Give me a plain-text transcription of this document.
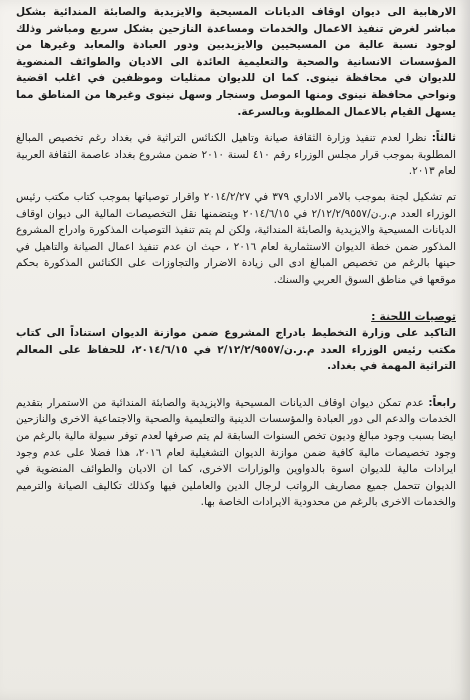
الارهابية الى ديوان اوقاف الديانات المسيحية والايزيدية والصابئة المندائية بشكل مباشر لغرض تنفيذ الاعمال والخدمات ومساعدة النازحين بشكل سريع ومباشر وذلك لوجود نسبة عالية من المسيحيين والايزيديين ودور العبادة والمعابد وغيرها من المؤسسات الانسانية والصحية والتعليمية العائدة الى الاديان والطوائف المنضوية للديوان في محافظة نينوى. كما ان للديوان ممثليات وموظفين في اغلب اقضية ونواحي محافظة نينوى ومنها الموصل وسنجار وسهل نينوى وغيرها من المناطق مما يسهل القيام بالاعمال المطلوبة وبالسرعة.

ثالثاً: نظرا لعدم تنفيذ وزارة الثقافة صيانة وتاهيل الكنائس التراثية في بغداد رغم تخصيص المبالغ المطلوبة بموجب قرار مجلس الوزراء رقم ٤١٠ لسنة ٢٠١٠ ضمن مشروع بغداد عاصمة الثقافة العربية لعام ٢٠١٣.

تم تشكيل لجنة بموجب بالامر الاداري ٣٧٩ في ٢٠١٤/٢/٢٧ واقرار توصياتها بموجب كتاب مكتب رئيس الوزراء العدد م.ر.ن/٢/١٢/٢/٩٥٥٧ في ٢٠١٤/٦/١٥ ويتضمنها نقل التخصيصات المالية الى ديوان اوقاف الديانات المسيحية والايزيدية والصابئة المندائية، ولكن لم يتم تنفيذ التوصيات المذكورة وادراج المشروع المذكور ضمن خطة الديوان الاستثمارية لعام ٢٠١٦ ، حيث ان عدم تنفيذ اعمال الصيانة والتاهيل في حينها بالرغم من تخصيص المبالغ ادى الى زيادة الاضرار والتجاوزات على الكنائس المذكورة بحكم موقعها في مناطق السوق العربي والسنك.

توصيات اللجنة :

التاكيد على وزارة التخطيط بادراج المشروع ضمن موازنة الديوان استناداً الى كتاب مكتب رئيس الوزراء العدد م.ر.ن/٢/١٢/٢/٩٥٥٧ في ٢٠١٤/٦/١٥، للحفاظ على المعالم التراثية المهمة في بغداد.

رابعاً: عدم تمكن ديوان اوقاف الديانات المسيحية والايزيدية والصابئة المندائية من الاستمرار بتقديم الخدمات والدعم الى دور العبادة والمؤسسات الدينية والتعليمية والصحية والاجتماعية الاخرى والنازحين ايضا بسبب وجود مبالغ وديون تخص السنوات السابقة لم يتم صرفها لعدم توفر سيولة مالية بالرغم من وجود تخصيصات مالية كافية ضمن موازنة الديوان التشغيلية لعام ٢٠١٦، هذا فضلا على عدم وجود ايرادات مالية للديوان اسوة بالدواوين والوزارات الاخرى، كما ان الاديان والطوائف المنضوية في الديوان تتحمل جميع مصاريف الرواتب لرجال الدين والعاملين فيها وكذلك تكاليف الصيانة والترميم والخدمات الاخرى بالرغم من محدودية الايرادات الخاصة بها.
